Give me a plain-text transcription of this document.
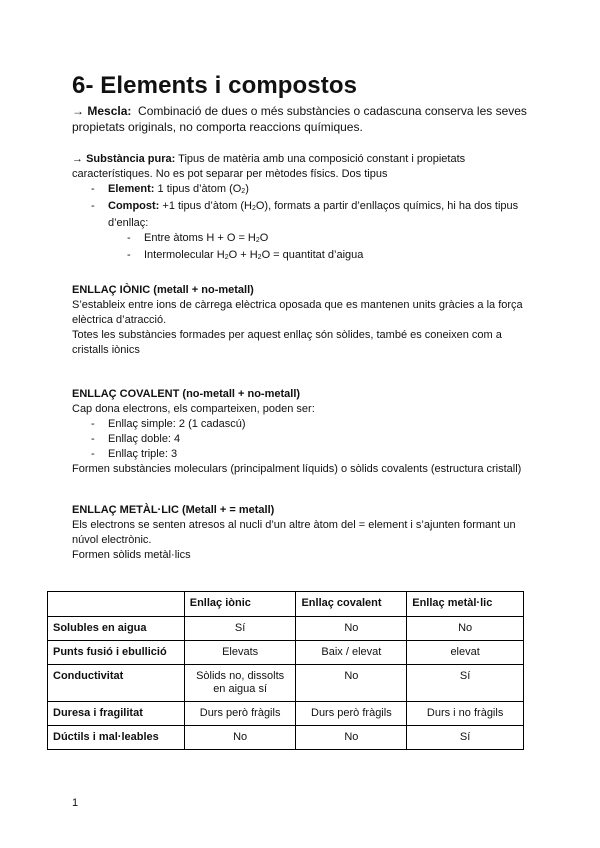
6- Elements i compostos

→ Mescla: Combinació de dues o més substàncies o cadascuna conserva les seves propietats originals, no comporta reaccions químiques.

→ Substància pura: Tipus de matèria amb una composició constant i propietats característiques. No es pot separar per mètodes físics. Dos tipus

- Element: 1 tipus d’àtom (O2)
- Compost: +1 tipus d’àtom (H2O), formats a partir d’enllaços químics, hi ha dos tipus d’enllaç:
- Entre àtoms H + O = H2O
- Intermolecular H2O + H2O = quantitat d’aigua
ENLLAÇ IÒNIC (metall + no-metall)

S’estableix entre ions de càrrega elèctrica oposada que es mantenen units gràcies a la força elèctrica d’atracció.

Totes les substàncies formades per aquest enllaç són sòlides, també es coneixen com a cristalls iònics

ENLLAÇ COVALENT (no-metall + no-metall)

Cap dona electrons, els comparteixen, poden ser:

- Enllaç simple: 2 (1 cadascú)
- Enllaç doble: 4
- Enllaç triple: 3

Formen substàncies moleculars (principalment líquids) o sòlids covalents (estructura cristall)

ENLLAÇ METÀL·LIC (Metall + = metall)

Els electrons se senten atresos al nucli d’un altre àtom del = element i s’ajunten formant un núvol electrònic.

Formen sòlids metàl·lics

	Enllaç iònic	Enllaç covalent	Enllaç metàl·lic
Solubles en aigua	Sí	No	No
Punts fusió i ebullició	Elevats	Baix / elevat	elevat
Conductivitat	Sòlids no, dissolts en aigua sí	No	Sí
Duresa i fragilitat	Durs però fràgils	Durs però fràgils	Durs i no fràgils
Dúctils i mal·leables	No	No	Sí
1
